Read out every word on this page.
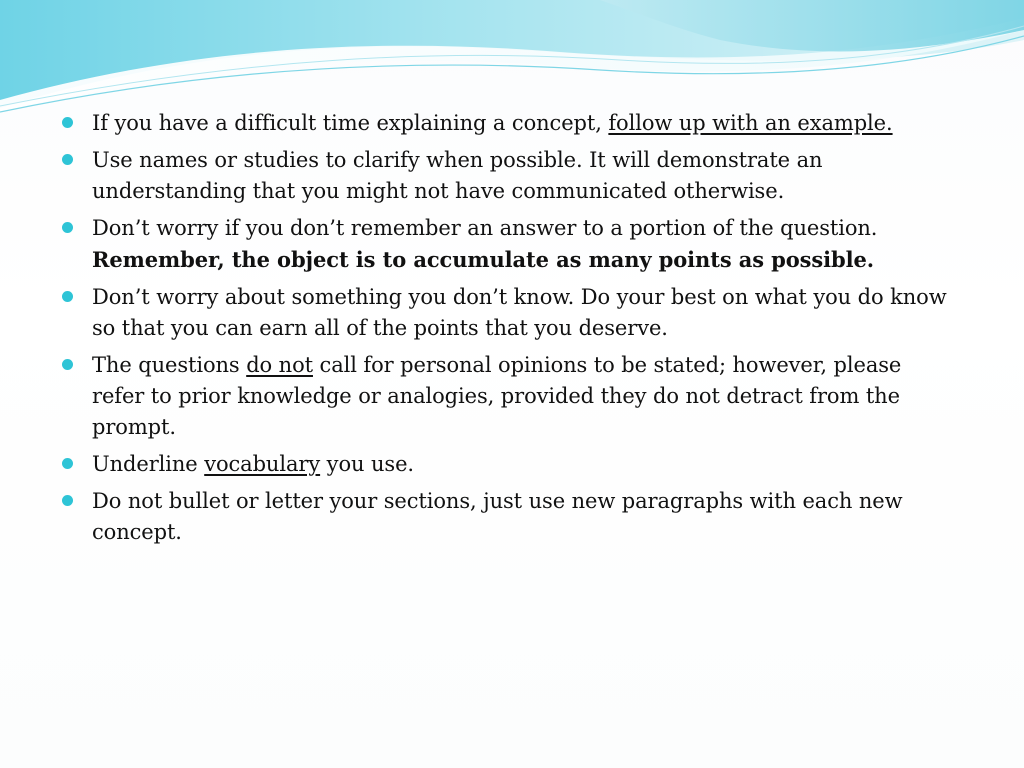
If you have a difficult time explaining a concept, follow up with an example.
Use names or studies to clarify when possible. It will demonstrate an understanding that you might not have communicated otherwise.
Don’t worry if you don’t remember an answer to a portion of the question. Remember, the object is to accumulate as many points as possible.
Don’t worry about something you don’t know. Do your best on what you do know so that you can earn all of the points that you deserve.
The questions do not call for personal opinions to be stated; however, please refer to prior knowledge or analogies, provided they do not detract from the prompt.
Underline vocabulary you use.
Do not bullet or letter your sections, just use new paragraphs with each new concept.
